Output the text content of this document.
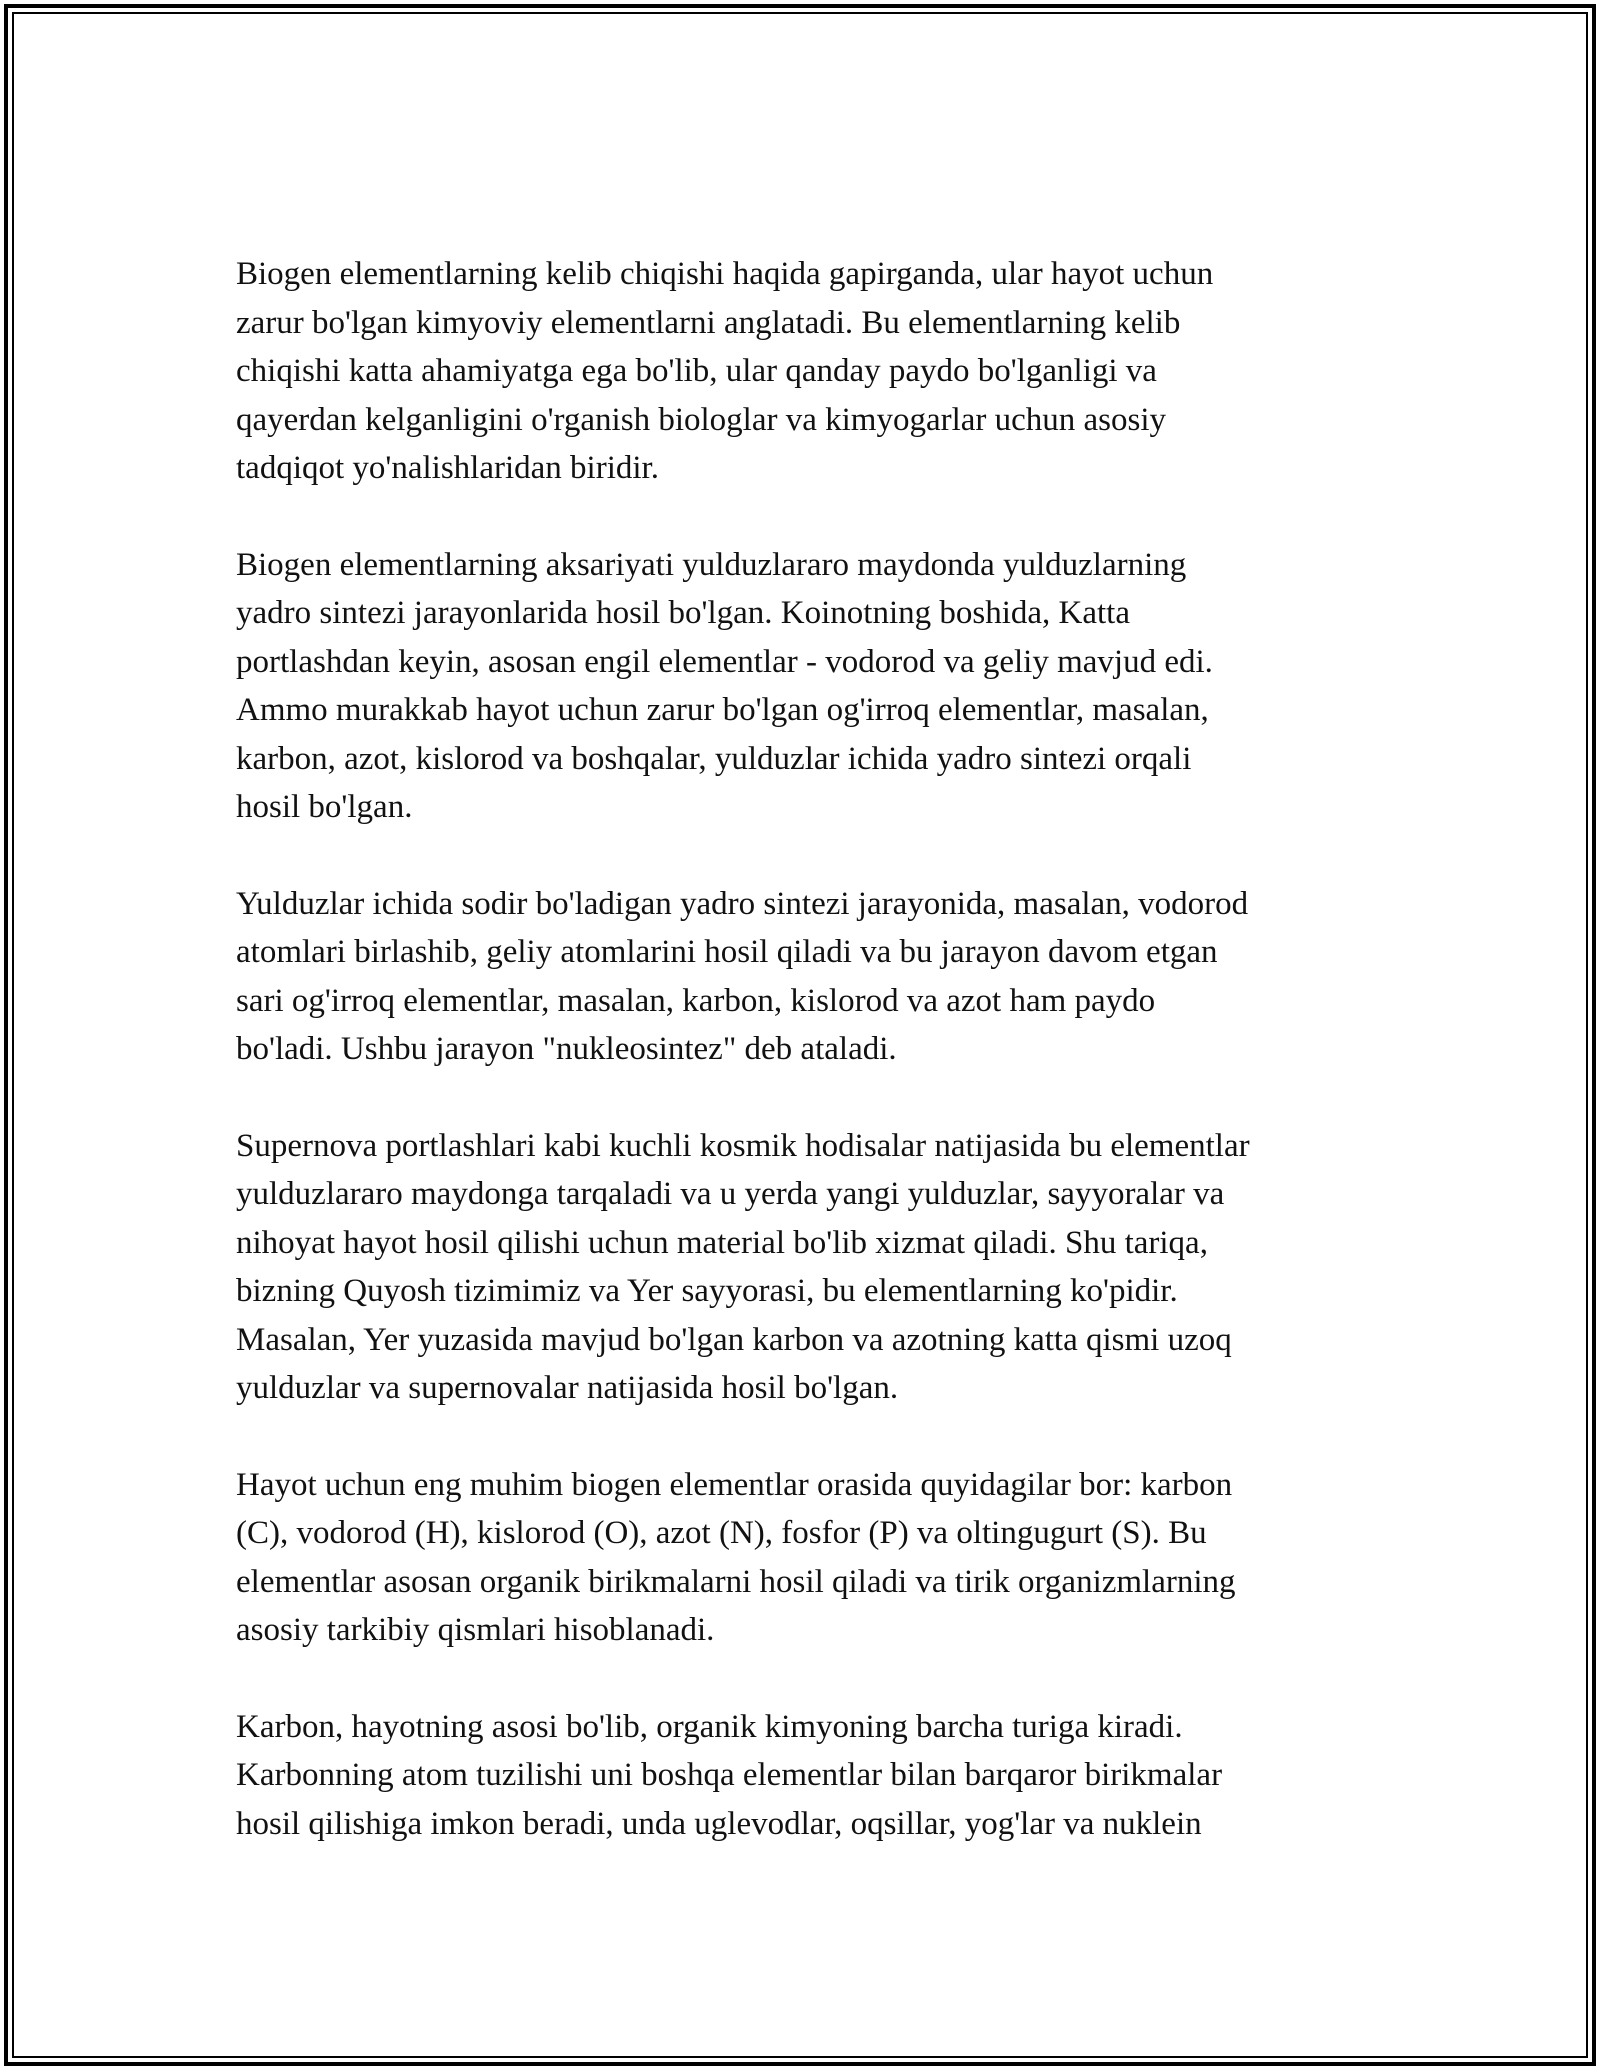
Biogen elementlarning kelib chiqishi haqida gapirganda, ular hayot uchun
zarur bo'lgan kimyoviy elementlarni anglatadi. Bu elementlarning kelib
chiqishi katta ahamiyatga ega bo'lib, ular qanday paydo bo'lganligi va
qayerdan kelganligini o'rganish biologlar va kimyogarlar uchun asosiy
tadqiqot yo'nalishlaridan biridir.

Biogen elementlarning aksariyati yulduzlararo maydonda yulduzlarning
yadro sintezi jarayonlarida hosil bo'lgan. Koinotning boshida, Katta
portlashdan keyin, asosan engil elementlar - vodorod va geliy mavjud edi.
Ammo murakkab hayot uchun zarur bo'lgan og'irroq elementlar, masalan,
karbon, azot, kislorod va boshqalar, yulduzlar ichida yadro sintezi orqali
hosil bo'lgan.

Yulduzlar ichida sodir bo'ladigan yadro sintezi jarayonida, masalan, vodorod
atomlari birlashib, geliy atomlarini hosil qiladi va bu jarayon davom etgan
sari og'irroq elementlar, masalan, karbon, kislorod va azot ham paydo
bo'ladi. Ushbu jarayon "nukleosintez" deb ataladi.

Supernova portlashlari kabi kuchli kosmik hodisalar natijasida bu elementlar
yulduzlararo maydonga tarqaladi va u yerda yangi yulduzlar, sayyoralar va
nihoyat hayot hosil qilishi uchun material bo'lib xizmat qiladi. Shu tariqa,
bizning Quyosh tizimimiz va Yer sayyorasi, bu elementlarning ko'pidir.
Masalan, Yer yuzasida mavjud bo'lgan karbon va azotning katta qismi uzoq
yulduzlar va supernovalar natijasida hosil bo'lgan.

Hayot uchun eng muhim biogen elementlar orasida quyidagilar bor: karbon
(C), vodorod (H), kislorod (O), azot (N), fosfor (P) va oltingugurt (S). Bu
elementlar asosan organik birikmalarni hosil qiladi va tirik organizmlarning
asosiy tarkibiy qismlari hisoblanadi.

Karbon, hayotning asosi bo'lib, organik kimyoning barcha turiga kiradi.
Karbonning atom tuzilishi uni boshqa elementlar bilan barqaror birikmalar
hosil qilishiga imkon beradi, unda uglevodlar, oqsillar, yog'lar va nuklein
